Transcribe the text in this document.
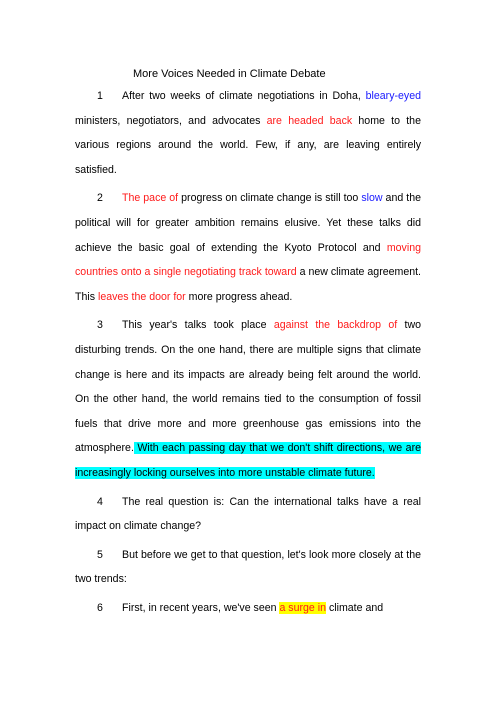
More Voices Needed in Climate Debate

1 After two weeks of climate negotiations in Doha, bleary-eyed ministers, negotiators, and advocates are headed back home to the various regions around the world. Few, if any, are leaving entirely satisfied.

2 The pace of progress on climate change is still too slow and the political will for greater ambition remains elusive. Yet these talks did achieve the basic goal of extending the Kyoto Protocol and moving countries onto a single negotiating track toward a new climate agreement. This leaves the door for more progress ahead.

3 This year's talks took place against the backdrop of two disturbing trends. On the one hand, there are multiple signs that climate change is here and its impacts are already being felt around the world. On the other hand, the world remains tied to the consumption of fossil fuels that drive more and more greenhouse gas emissions into the atmosphere. With each passing day that we don't shift directions, we are increasingly locking ourselves into more unstable climate future.

4 The real question is: Can the international talks have a real impact on climate change?

5 But before we get to that question, let's look more closely at the two trends:

6 First, in recent years, we've seen a surge in climate and
